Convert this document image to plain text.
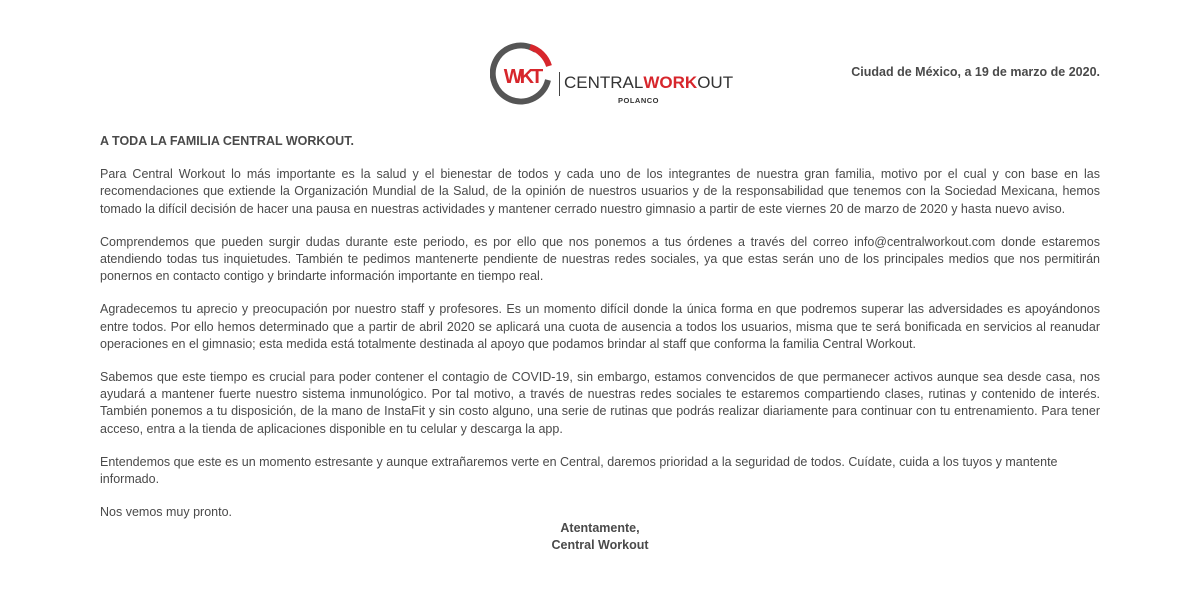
WKT CENTRALWORKOUT
POLANCO
Ciudad de México, a 19 de marzo de 2020.

A TODA LA FAMILIA CENTRAL WORKOUT.

Para Central Workout lo más importante es la salud y el bienestar de todos y cada uno de los integrantes de nuestra gran familia, motivo por el cual y con base en las recomendaciones que extiende la Organización Mundial de la Salud, de la opinión de nuestros usuarios y de la responsabilidad que tenemos con la Sociedad Mexicana, hemos tomado la difícil decisión de hacer una pausa en nuestras actividades y mantener cerrado nuestro gimnasio a partir de este viernes 20 de marzo de 2020 y hasta nuevo aviso.

Comprendemos que pueden surgir dudas durante este periodo, es por ello que nos ponemos a tus órdenes a través del correo info@centralworkout.com donde estaremos atendiendo todas tus inquietudes. También te pedimos mantenerte pendiente de nuestras redes sociales, ya que estas serán uno de los principales medios que nos permitirán ponernos en contacto contigo y brindarte información importante en tiempo real.

Agradecemos tu aprecio y preocupación por nuestro staff y profesores. Es un momento difícil donde la única forma en que podremos superar las adversidades es apoyándonos entre todos. Por ello hemos determinado que a partir de abril 2020 se aplicará una cuota de ausencia a todos los usuarios, misma que te será bonificada en servicios al reanudar operaciones en el gimnasio; esta medida está totalmente destinada al apoyo que podamos brindar al staff que conforma la familia Central Workout.

Sabemos que este tiempo es crucial para poder contener el contagio de COVID-19, sin embargo, estamos convencidos de que permanecer activos aunque sea desde casa, nos ayudará a mantener fuerte nuestro sistema inmunológico. Por tal motivo, a través de nuestras redes sociales te estaremos compartiendo clases, rutinas y contenido de interés. También ponemos a tu disposición, de la mano de InstaFit y sin costo alguno, una serie de rutinas que podrás realizar diariamente para continuar con tu entrenamiento. Para tener acceso, entra a la tienda de aplicaciones disponible en tu celular y descarga la app.

Entendemos que este es un momento estresante y aunque extrañaremos verte en Central, daremos prioridad a la seguridad de todos. Cuídate, cuida a los tuyos y mantente informado.

Nos vemos muy pronto.

Atentamente,
Central Workout
